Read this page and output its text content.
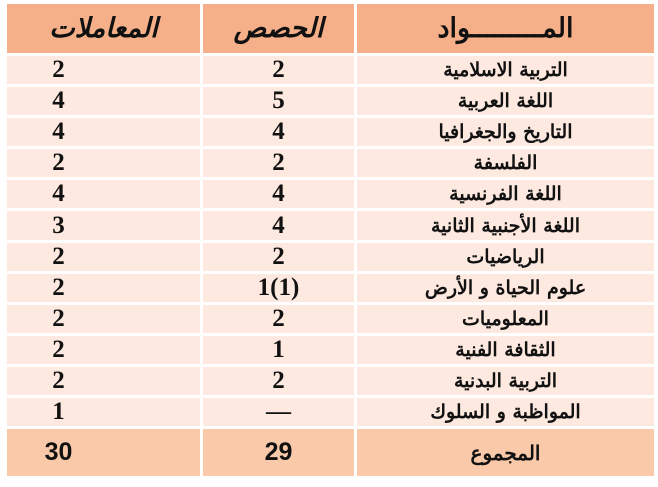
المعاملات	الحصص	المـــــــــواد
2	2	التربية الاسلامية
4	5	اللغة العربية
4	4	التاريخ والجغرافيا
2	2	الفلسفة
4	4	اللغة الفرنسية
3	4	اللغة الأجنبية الثانية
2	2	الرياضيات
2	1(1)	علوم الحياة و الأرض
2	2	المعلوميات
2	1	الثقافة الفنية
2	2	التربية البدنية
1	—	المواظبة و السلوك
30	29	المجموع
